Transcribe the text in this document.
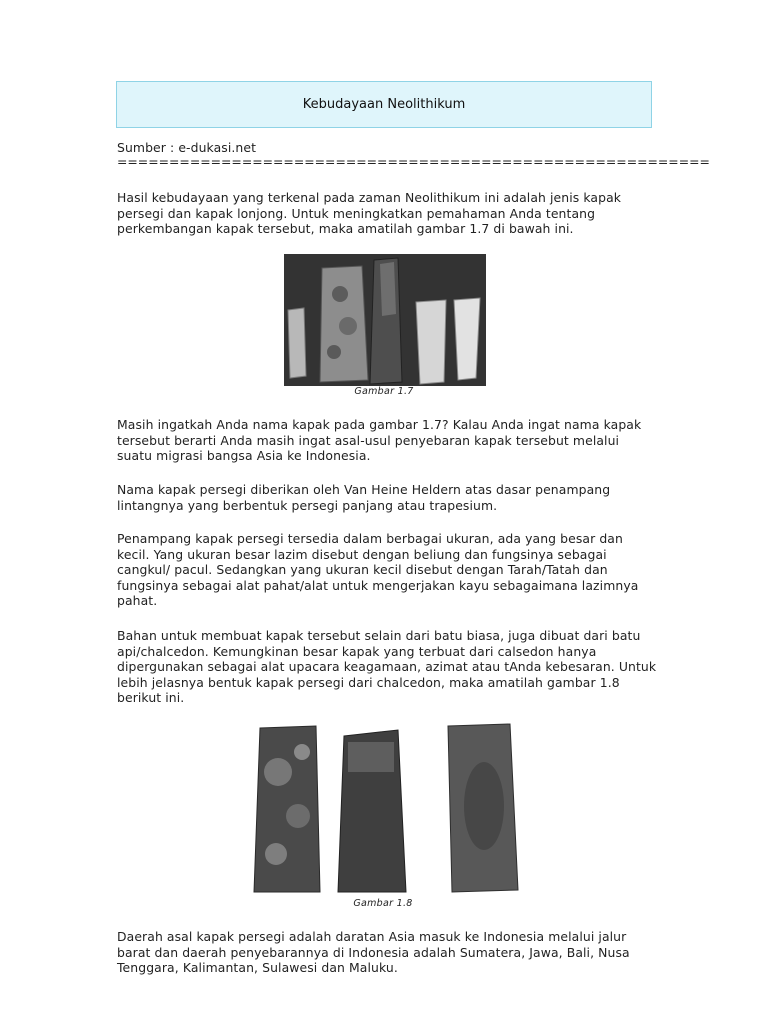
Kebudayaan Neolithikum

Sumber : e-dukasi.net

=========================================================

Hasil kebudayaan yang terkenal pada zaman Neolithikum ini adalah jenis kapak persegi dan kapak lonjong. Untuk meningkatkan pemahaman Anda tentang perkembangan kapak tersebut, maka amatilah gambar 1.7 di bawah ini.

Gambar 1.7

Masih ingatkah Anda nama kapak pada gambar 1.7? Kalau Anda ingat nama kapak tersebut berarti Anda masih ingat asal-usul penyebaran kapak tersebut melalui suatu migrasi bangsa Asia ke Indonesia.

Nama kapak persegi diberikan oleh Van Heine Heldern atas dasar penampang lintangnya yang berbentuk persegi panjang atau trapesium.

Penampang kapak persegi tersedia dalam berbagai ukuran, ada yang besar dan kecil. Yang ukuran besar lazim disebut dengan beliung dan fungsinya sebagai cangkul/ pacul. Sedangkan yang ukuran kecil disebut dengan Tarah/Tatah dan fungsinya sebagai alat pahat/alat untuk mengerjakan kayu sebagaimana lazimnya pahat.

Bahan untuk membuat kapak tersebut selain dari batu biasa, juga dibuat dari batu api/chalcedon. Kemungkinan besar kapak yang terbuat dari calsedon hanya dipergunakan sebagai alat upacara keagamaan, azimat atau tAnda kebesaran. Untuk lebih jelasnya bentuk kapak persegi dari chalcedon, maka amatilah gambar 1.8 berikut ini.

Gambar 1.8

Daerah asal kapak persegi adalah daratan Asia masuk ke Indonesia melalui jalur barat dan daerah penyebarannya di Indonesia adalah Sumatera, Jawa, Bali, Nusa Tenggara, Kalimantan, Sulawesi dan Maluku.
